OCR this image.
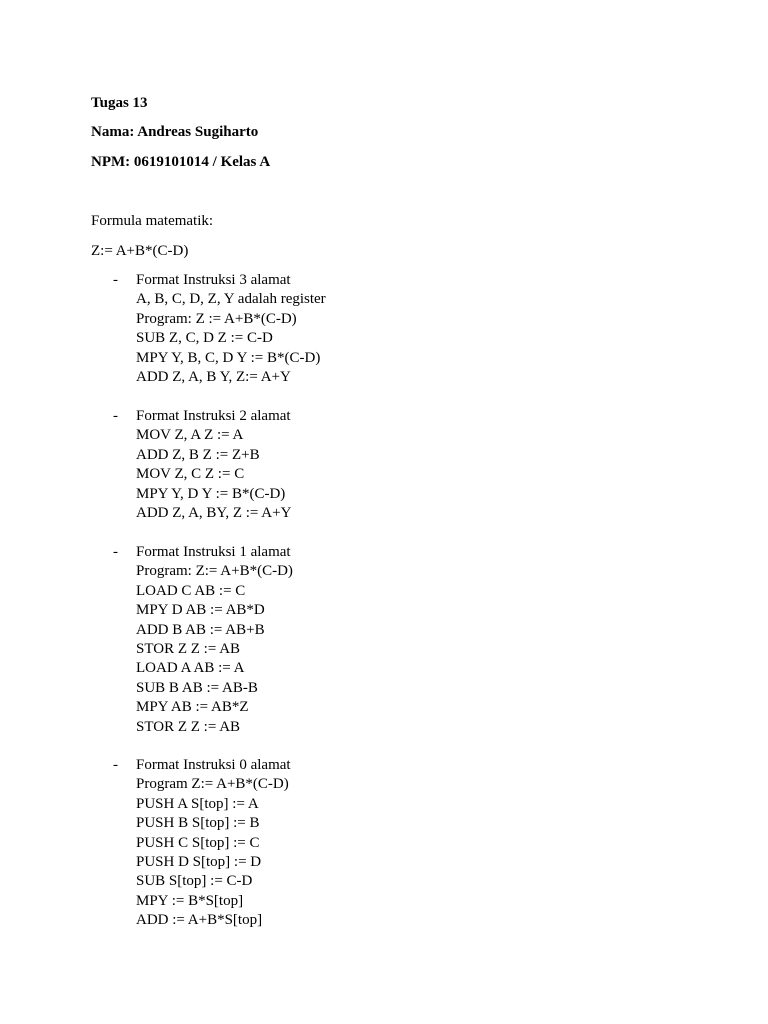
Tugas 13
Nama: Andreas Sugiharto
NPM: 0619101014 / Kelas A
Formula matematik:
Z:= A+B*(C-D)
- Format Instruksi 3 alamat
A, B, C, D, Z, Y adalah register
Program: Z := A+B*(C-D)
SUB Z, C, D Z := C-D
MPY Y, B, C, D Y := B*(C-D)
ADD Z, A, B Y, Z:= A+Y
- Format Instruksi 2 alamat
MOV Z, A Z := A
ADD Z, B Z := Z+B
MOV Z, C Z := C
MPY Y, D Y := B*(C-D)
ADD Z, A, BY, Z := A+Y
- Format Instruksi 1 alamat
Program: Z:= A+B*(C-D)
LOAD C AB := C
MPY D AB := AB*D
ADD B AB := AB+B
STOR Z Z := AB
LOAD A AB := A
SUB B AB := AB-B
MPY AB := AB*Z
STOR Z Z := AB
- Format Instruksi 0 alamat
Program Z:= A+B*(C-D)
PUSH A S[top] := A
PUSH B S[top] := B
PUSH C S[top] := C
PUSH D S[top] := D
SUB S[top] := C-D
MPY := B*S[top]
ADD := A+B*S[top]
